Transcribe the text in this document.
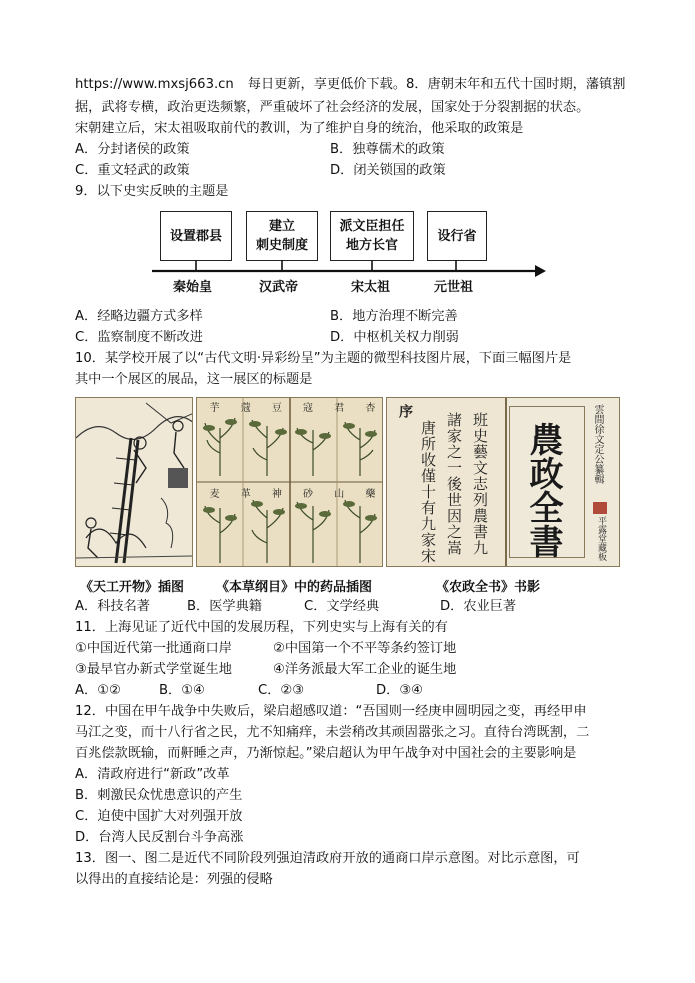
https://www.mxsj663.cn 每日更新，享更低价下载。8．唐朝末年和五代十国时期，藩镇割
据，武将专横，政治更迭频繁，严重破坏了社会经济的发展，国家处于分裂割据的状态。
宋朝建立后，宋太祖吸取前代的教训，为了维护自身的统治，他采取的政策是
A．分封诸侯的政策	B．独尊儒术的政策
C．重文轻武的政策	D．闭关锁国的政策
9．以下史实反映的主题是
设置郡县
建立
刺史制度
派文臣担任
地方长官
设行省
秦始皇	汉武帝	宋太祖	元世祖
A．经略边疆方式多样	B．地方治理不断完善
C．监察制度不断改进	D．中枢机关权力削弱
10．某学校开展了以“古代文明·异彩纷呈”为主题的微型科技图片展，下面三幅图片是
其中一个展区的展品，这一展区的标题是
芋 蔻 豆 寇 君 杏
麦 革 神 砂 山 藥
序
班史藝文志列農書九
諸家之一後世因之嵩
唐所收僅十有九家宋	農政全書	雲間徐文定公纂輯
平露堂藏板
《天工开物》插图 《本草纲目》中的药品插图	《农政全书》书影
A．科技名著	B．医学典籍	C．文学经典	D．农业巨著
11．上海见证了近代中国的发展历程，下列史实与上海有关的有
①中国近代第一批通商口岸	②中国第一个不平等条约签订地
③最早官办新式学堂诞生地	④洋务派最大军工企业的诞生地
A．①②	B．①④	C．②③	D．③④
12．中国在甲午战争中失败后，梁启超感叹道：“吾国则一经庚申圆明园之变，再经甲申
马江之变，而十八行省之民，尤不知痛痒，未尝稍改其顽固嚣张之习。直待台湾既割，二
百兆偿款既输，而鼾睡之声，乃渐惊起。”梁启超认为甲午战争对中国社会的主要影响是
A．清政府进行“新政”改革
B．刺激民众忧患意识的产生
C．迫使中国扩大对列强开放
D．台湾人民反割台斗争高涨
13．图一、图二是近代不同阶段列强迫清政府开放的通商口岸示意图。对比示意图，可
以得出的直接结论是：列强的侵略
